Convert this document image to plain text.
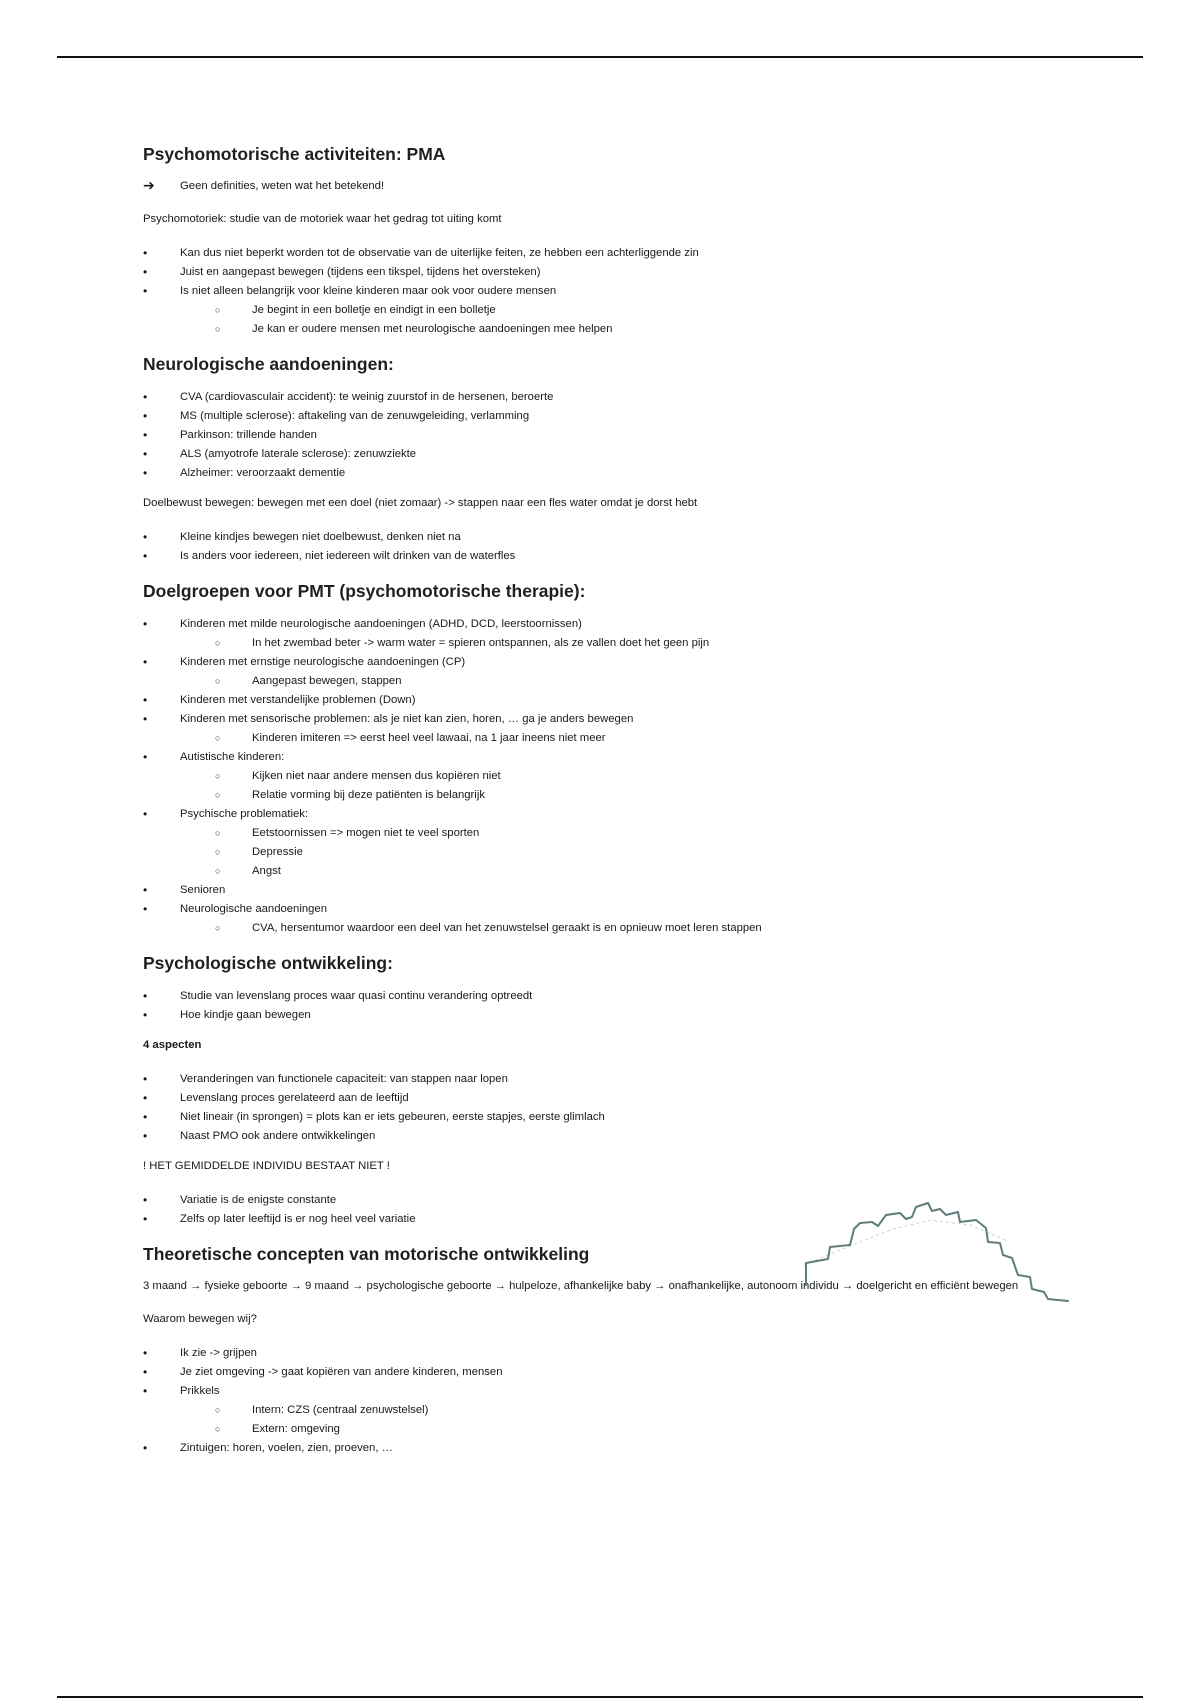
Psychomotorische activiteiten: PMA
➔ Geen definities, weten wat het betekend!

Psychomotoriek: studie van de motoriek waar het gedrag tot uiting komt

• Kan dus niet beperkt worden tot de observatie van de uiterlijke feiten, ze hebben een achterliggende zin
• Juist en aangepast bewegen (tijdens een tikspel, tijdens het oversteken)
• Is niet alleen belangrijk voor kleine kinderen maar ook voor oudere mensen
○ Je begint in een bolletje en eindigt in een bolletje
○ Je kan er oudere mensen met neurologische aandoeningen mee helpen
Neurologische aandoeningen:
• CVA (cardiovasculair accident): te weinig zuurstof in de hersenen, beroerte
• MS (multiple sclerose): aftakeling van de zenuwgeleiding, verlamming
• Parkinson: trillende handen
• ALS (amyotrofe laterale sclerose): zenuwziekte
• Alzheimer: veroorzaakt dementie

Doelbewust bewegen: bewegen met een doel (niet zomaar) -> stappen naar een fles water omdat je dorst hebt

• Kleine kindjes bewegen niet doelbewust, denken niet na
• Is anders voor iedereen, niet iedereen wilt drinken van de waterfles
Doelgroepen voor PMT (psychomotorische therapie):
• Kinderen met milde neurologische aandoeningen (ADHD, DCD, leerstoornissen)
○ In het zwembad beter -> warm water = spieren ontspannen, als ze vallen doet het geen pijn
• Kinderen met ernstige neurologische aandoeningen (CP)
○ Aangepast bewegen, stappen
• Kinderen met verstandelijke problemen (Down)
• Kinderen met sensorische problemen: als je niet kan zien, horen, … ga je anders bewegen
○ Kinderen imiteren => eerst heel veel lawaai, na 1 jaar ineens niet meer
• Autistische kinderen:
○ Kijken niet naar andere mensen dus kopiëren niet
○ Relatie vorming bij deze patiënten is belangrijk
• Psychische problematiek:
○ Eetstoornissen => mogen niet te veel sporten
○ Depressie
○ Angst
• Senioren
• Neurologische aandoeningen
○ CVA, hersentumor waardoor een deel van het zenuwstelsel geraakt is en opnieuw moet leren stappen
Psychologische ontwikkeling:
• Studie van levenslang proces waar quasi continu verandering optreedt
• Hoe kindje gaan bewegen

4 aspecten

• Veranderingen van functionele capaciteit: van stappen naar lopen
• Levenslang proces gerelateerd aan de leeftijd
• Niet lineair (in sprongen) = plots kan er iets gebeuren, eerste stapjes, eerste glimlach
• Naast PMO ook andere ontwikkelingen

! HET GEMIDDELDE INDIVIDU BESTAAT NIET !

• Variatie is de enigste constante
• Zelfs op later leeftijd is er nog heel veel variatie
Theoretische concepten van motorische ontwikkeling

3 maand → fysieke geboorte → 9 maand → psychologische geboorte → hulpeloze, afhankelijke baby → onafhankelijke, autonoom individu → doelgericht en efficiënt bewegen

Waarom bewegen wij?

• Ik zie -> grijpen
• Je ziet omgeving -> gaat kopiëren van andere kinderen, mensen
• Prikkels
○ Intern: CZS (centraal zenuwstelsel)
○ Extern: omgeving
• Zintuigen: horen, voelen, zien, proeven, …
